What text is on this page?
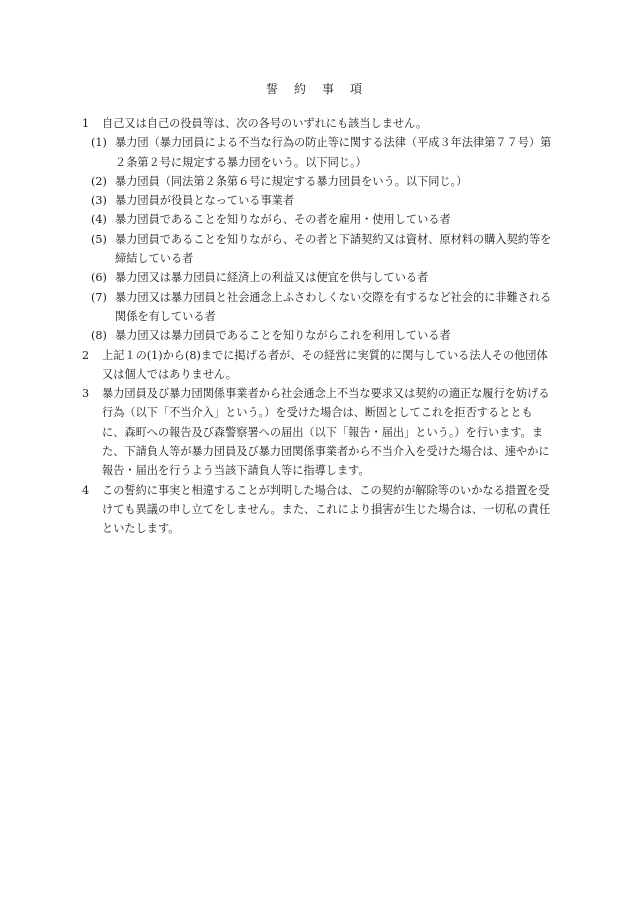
誓　約　事　項
1	自己又は自己の役員等は、次の各号のいずれにも該当しません。
(1) 暴力団（暴力団員による不当な行為の防止等に関する法律（平成３年法律第７７号）第２条第２号に規定する暴力団をいう。以下同じ。）
(2) 暴力団員（同法第２条第６号に規定する暴力団員をいう。以下同じ。）
(3) 暴力団員が役員となっている事業者
(4) 暴力団員であることを知りながら、その者を雇用・使用している者
(5) 暴力団員であることを知りながら、その者と下請契約又は資材、原材料の購入契約等を締結している者
(6) 暴力団又は暴力団員に経済上の利益又は便宜を供与している者
(7) 暴力団又は暴力団員と社会通念上ふさわしくない交際を有するなど社会的に非難される関係を有している者
(8) 暴力団又は暴力団員であることを知りながらこれを利用している者
2	上記１の(1)から(8)までに掲げる者が、その経営に実質的に関与している法人その他団体又は個人ではありません。
3	暴力団員及び暴力団関係事業者から社会通念上不当な要求又は契約の適正な履行を妨げる行為（以下「不当介入」という。）を受けた場合は、断固としてこれを拒否するとともに、森町への報告及び森警察署への届出（以下「報告・届出」という。）を行います。また、下請負人等が暴力団員及び暴力団関係事業者から不当介入を受けた場合は、速やかに報告・届出を行うよう当該下請負人等に指導します。
4	この誓約に事実と相違することが判明した場合は、この契約が解除等のいかなる措置を受けても異議の申し立てをしません。また、これにより損害が生じた場合は、一切私の責任といたします。
